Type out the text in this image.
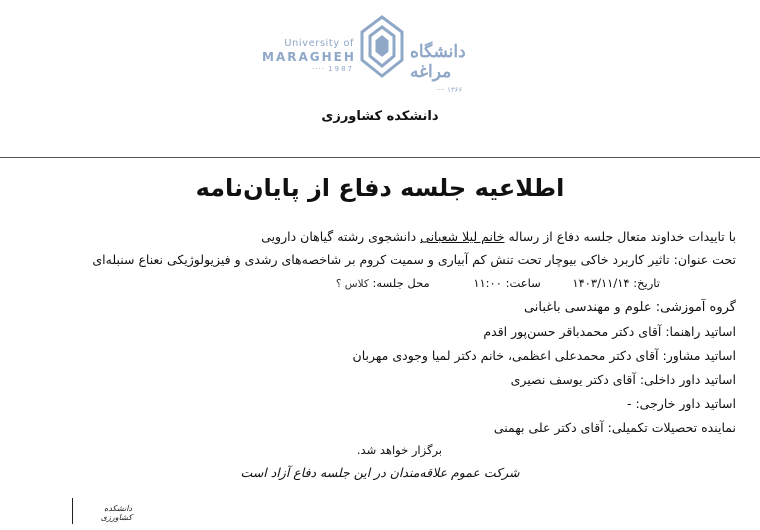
University of
MARAGHEH
···· 1987
دانشگاه مراغه
···· ۱۳۶۶
دانشکده کشاورزی
اطلاعیه جلسه دفاع از پایان‌نامه
با تاییدات خداوند متعال جلسه دفاع از رساله خانم لیلا شعبانی دانشجوی رشته گیاهان دارویی
تحت عنوان: تاثیر کاربرد خاکی بیوچار تحت تنش کم آبیاری و سمیت کروم بر شاخصه‌های رشدی و فیزیولوژیکی نعناع سنبله‌ای
تاریخ: ۱۴۰۳/۱۱/۱۴ ساعت: ۱۱:۰۰ محل جلسه: کلاس ؟
گروه آموزشی: علوم و مهندسی باغبانی
اساتید راهنما: آقای دکتر محمدباقر حسن‌پور اقدم
اساتید مشاور: آقای دکتر محمدعلی اعظمی، خانم دکتر لمیا وجودی مهربان
اساتید داور داخلی: آقای دکتر یوسف نصیری
اساتید داور خارجی: -
نماینده تحصیلات تکمیلی: آقای دکتر علی بهمنی
برگزار خواهد شد.
شرکت عموم علاقه‌مندان در این جلسه دفاع آزاد است
دانشکده کشاورزی
